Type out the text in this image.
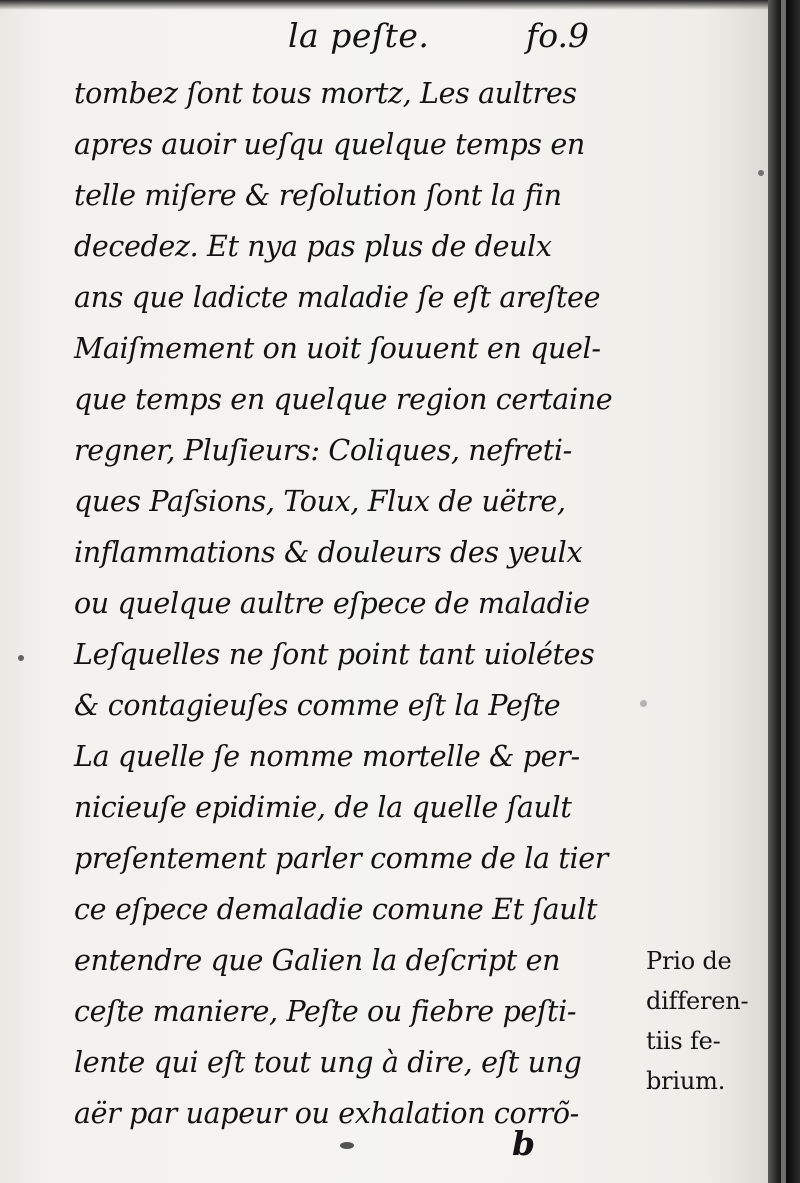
la peſte.	fo.9
tombez ſont tous mortz, Les aultres
apres auoir ueſqu quelque temps en
telle miſere & reſolution ſont la fin
decedez. Et nya pas plus de deulx
ans que ladicte maladie ſe eſt areſtee
Maiſmement on uoit ſouuent en quel-
que temps en quelque region certaine
regner, Pluſieurs: Coliques, nefreti-
ques Paſsions, Toux, Flux de uëtre,
inflammations & douleurs des yeulx
ou quelque aultre eſpece de maladie
Leſquelles ne ſont point tant uiolétes
& contagieuſes comme eſt la Peſte
La quelle ſe nomme mortelle & per-
nicieuſe epidimie, de la quelle ſault
preſentement parler comme de la tier
ce eſpece demaladie comune Et ſault
entendre que Galien la deſcript en
ceſte maniere, Peſte ou fiebre peſti-
lente qui eſt tout ung à dire, eſt ung
aër par uapeur ou exhalation corrõ-
Prio de
differen-
tiis fe-
brium.
b
